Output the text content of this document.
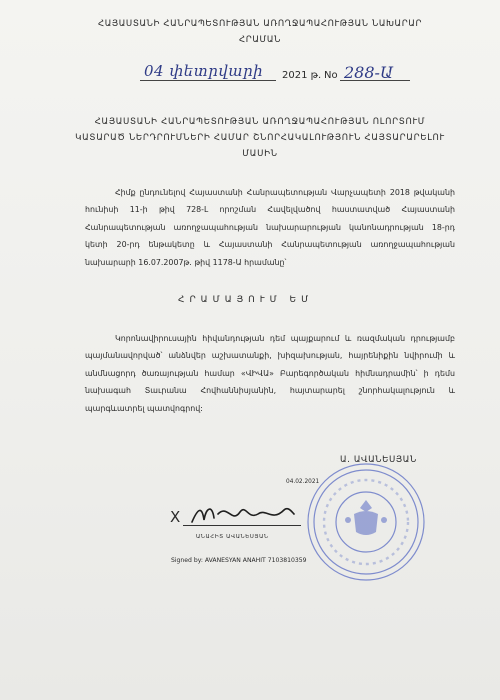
ՀԱՅԱՍՏԱՆԻ ՀԱՆՐԱՊԵՏՈՒԹՅԱՆ ԱՌՈՂՋԱՊԱՀՈՒԹՅԱՆ ՆԱԽԱՐԱՐ
ՀՐԱՄԱՆ
04 փետրվարի 2021 թ. No 288-Ա
ՀԱՅԱՍՏԱՆԻ ՀԱՆՐԱՊԵՏՈՒԹՅԱՆ ԱՌՈՂՋԱՊԱՀՈՒԹՅԱՆ ՈԼՈՐՏՈՒՄ
ԿԱՏԱՐԱԾ ՆԵՐԴՐՈՒՄՆԵՐԻ ՀԱՄԱՐ ՇՆՈՐՀԱԿԱԼՈՒԹՅՈՒՆ ՀԱՅՏԱՐԱՐԵԼՈՒ
ՄԱՍԻՆ
Հիմք ընդունելով Հայաստանի Հանրապետության Վարչապետի 2018 թվականի հունիսի 11-ի թիվ 728-Լ որոշման Հավելվածով հաստատված Հայաստանի Հանրապետության առողջապահության նախարարության կանոնադրության 18-րդ կետի 20-րդ ենթակետը և Հայաստանի Հանրապետության առողջապահության նախարարի 16.07.2007թ. թիվ 1178-Ա հրամանը՝
ՀՐԱՄԱՅՈՒՄ ԵՄ
Կորոնավիրուսային հիվանդության դեմ պայքարում և ռազմական դրությամբ պայմանավորված՝ անձնվեր աշխատանքի, խիզախության, հայրենիքին նվիրումի և անմնացորդ ծառայության համար «ՎԻՎԱ» Բարեգործական հիմնադրամին՝ ի դեմս նախագահ Տաւրանա Հովհաննիսյանին, հայտարարել շնորհակալություն և պարգևատրել պատվոգրով:
Ա. ԱՎԱՆԵՍՅԱՆ
04.02.2021
X
ԱՆԱՀԻՏ ԱՎԱՆԵՍՅԱՆ
Signed by: AVANESYAN ANAHIT 7103810359
